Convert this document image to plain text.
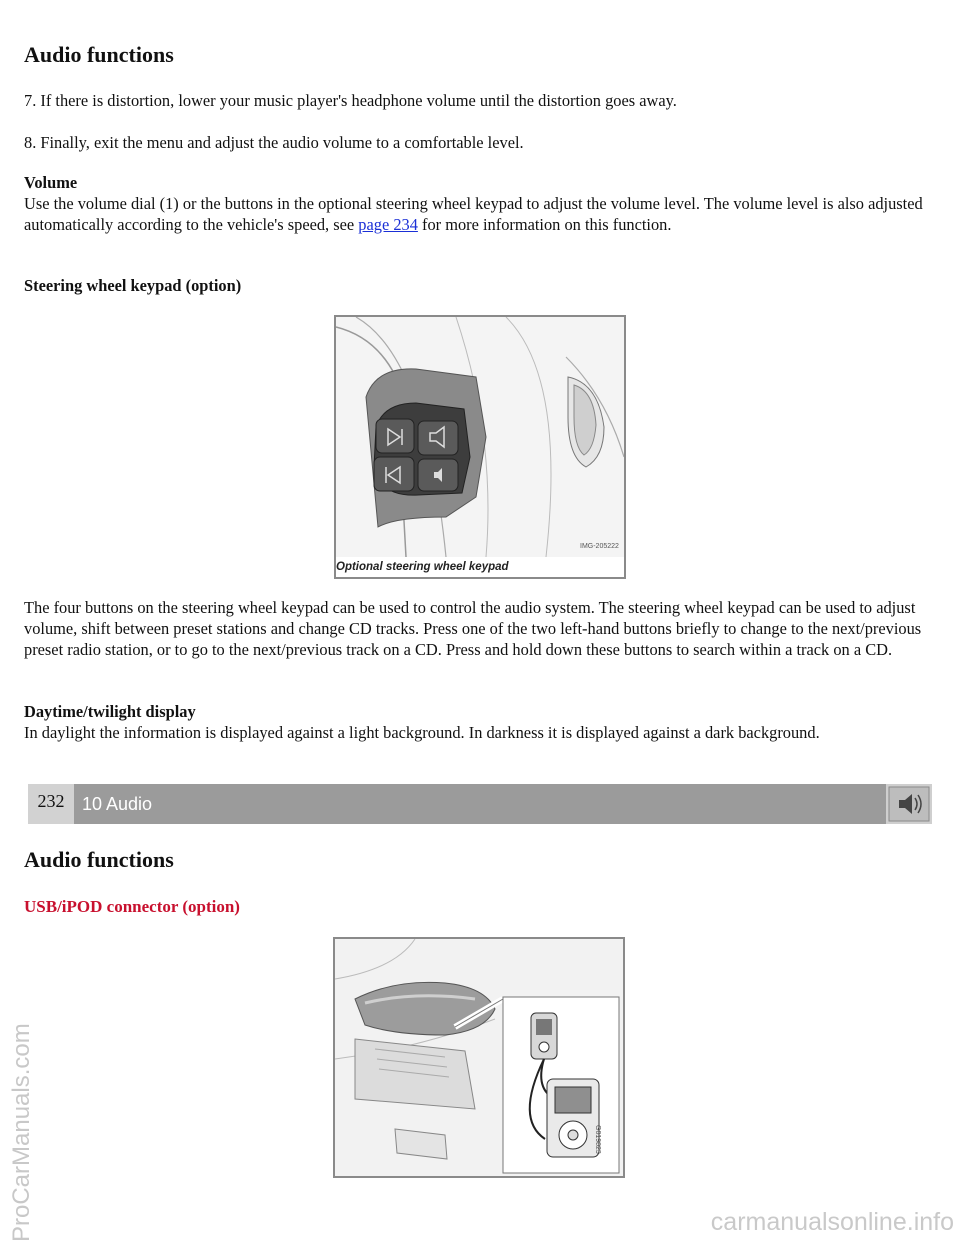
Audio functions

7. If there is distortion, lower your music player's headphone volume until the distortion goes away.

8. Finally, exit the menu and adjust the audio volume to a comfortable level.

Volume
Use the volume dial (1) or the buttons in the optional steering wheel keypad to adjust the volume level. The volume level is also adjusted automatically according to the vehicle's speed, see page 234 for more information on this function.

Steering wheel keypad (option)

IMG-205222
Optional steering wheel keypad

The four buttons on the steering wheel keypad can be used to control the audio system. The steering wheel keypad can be used to adjust volume, shift between preset stations and change CD tracks. Press one of the two left-hand buttons briefly to change to the next/previous preset radio station, or to go to the next/previous track on a CD. Press and hold down these buttons to search within a track on a CD.

Daytime/twilight display
In daylight the information is displayed against a light background. In darkness it is displayed against a dark background.

232 10 Audio
Audio functions

USB/iPOD connector (option)

G019823
ProCarManuals.com	carmanualsonline.info
